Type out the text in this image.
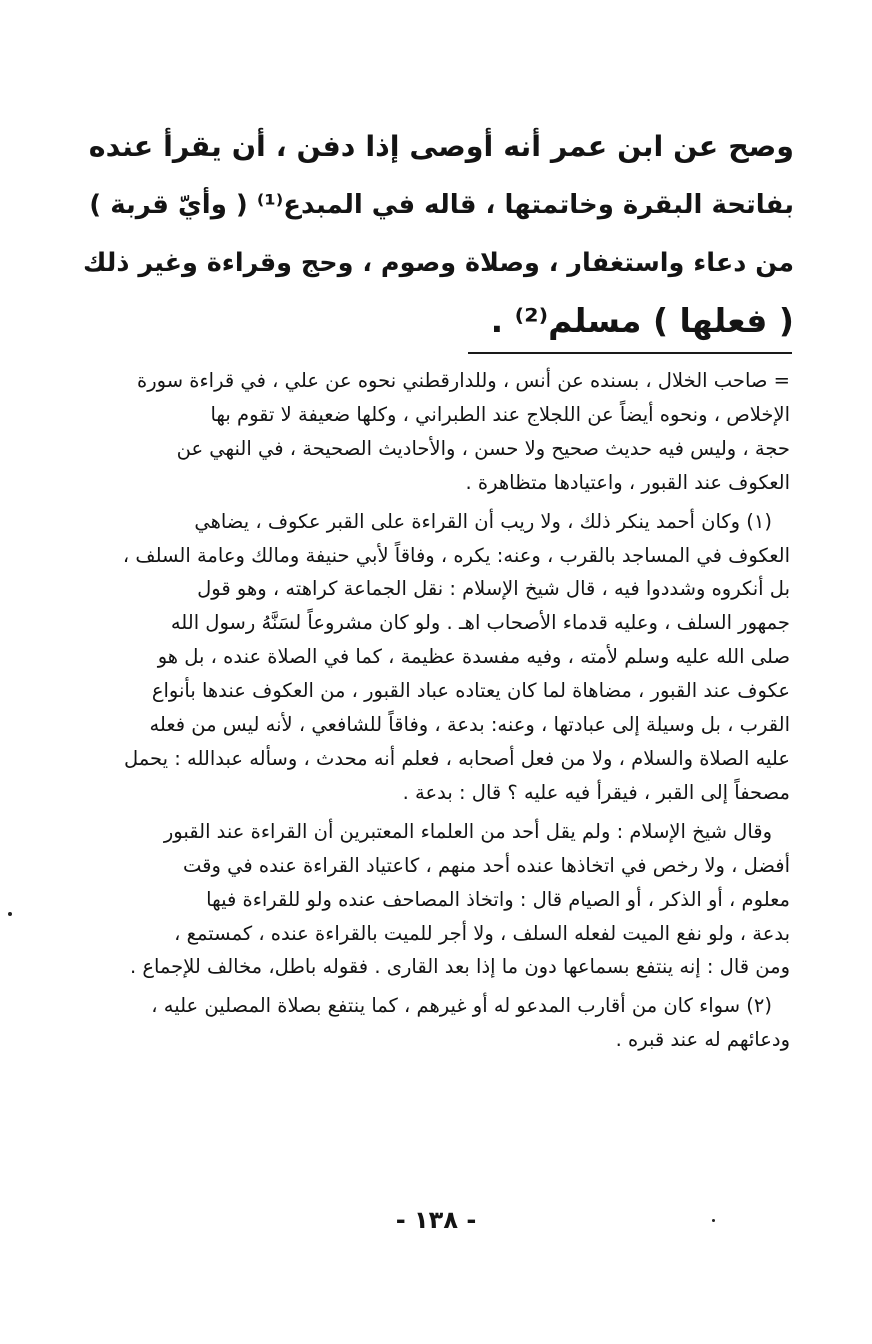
وصح عن ابن عمر أنه أوصى إذا دفن ، أن يقرأ عنده

بفاتحة البقرة وخاتمتها ، قاله في المبدع⁽¹⁾ ( وأيّ قربة )

من دعاء واستغفار ، وصلاة وصوم ، وحج وقراءة وغير ذلك

( فعلها ) مسلم⁽²⁾ .

= صاحب الخلال ، بسنده عن أنس ، وللدارقطني نحوه عن علي ، في قراءة سورة

الإخلاص ، ونحوه أيضاً عن اللجلاج عند الطبراني ، وكلها ضعيفة لا تقوم بها

حجة ، وليس فيه حديث صحيح ولا حسن ، والأحاديث الصحيحة ، في النهي عن

العكوف عند القبور ، واعتيادها متظاهرة .

(١) وكان أحمد ينكر ذلك ، ولا ريب أن القراءة على القبر عكوف ، يضاهي

العكوف في المساجد بالقرب ، وعنه: يكره ، وفاقاً لأبي حنيفة ومالك وعامة السلف ،

بل أنكروه وشددوا فيه ، قال شيخ الإسلام : نقل الجماعة كراهته ، وهو قول

جمهور السلف ، وعليه قدماء الأصحاب اهـ . ولو كان مشروعاً لسَنَّهُ رسول الله

صلى الله عليه وسلم لأمته ، وفيه مفسدة عظيمة ، كما في الصلاة عنده ، بل هو

عكوف عند القبور ، مضاهاة لما كان يعتاده عباد القبور ، من العكوف عندها بأنواع

القرب ، بل وسيلة إلى عبادتها ، وعنه: بدعة ، وفاقاً للشافعي ، لأنه ليس من فعله

عليه الصلاة والسلام ، ولا من فعل أصحابه ، فعلم أنه محدث ، وسأله عبدالله : يحمل

مصحفاً إلى القبر ، فيقرأ فيه عليه ؟ قال : بدعة .

وقال شيخ الإسلام : ولم يقل أحد من العلماء المعتبرين أن القراءة عند القبور

أفضل ، ولا رخص في اتخاذها عنده أحد منهم ، كاعتياد القراءة عنده في وقت

معلوم ، أو الذكر ، أو الصيام قال : واتخاذ المصاحف عنده ولو للقراءة فيها

بدعة ، ولو نفع الميت لفعله السلف ، ولا أجر للميت بالقراءة عنده ، كمستمع ،

ومن قال : إنه ينتفع بسماعها دون ما إذا بعد القارى . فقوله باطل، مخالف للإجماع .

(٢) سواء كان من أقارب المدعو له أو غيرهم ، كما ينتفع بصلاة المصلين عليه ،

ودعائهم له عند قبره .

- ١٣٨ -
